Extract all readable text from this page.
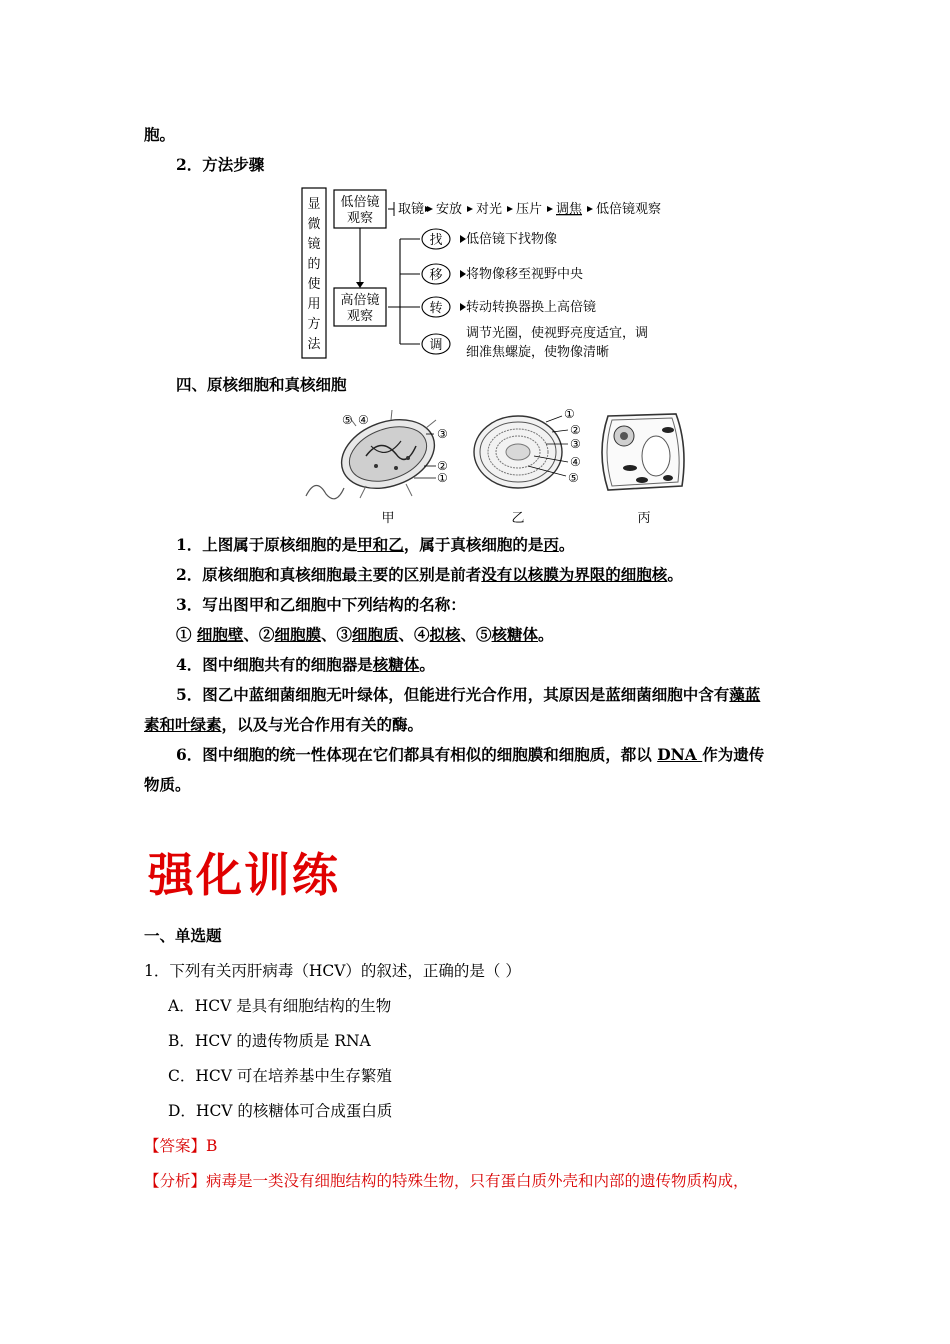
胞。
2．方法步骤
显
微
镜
的
使
用
方
法
低倍镜
观察
高倍镜
观察
取镜 安放 对光 压片 调焦 低倍镜观察
找 低倍镜下找物像
移 将物像移至视野中央
转 转动转换器换上高倍镜
调
调节光圈，使视野亮度适宜，调
细准焦螺旋，使物像清晰
四、原核细胞和真核细胞
⑤ ④
③
②
①
①
②
③
④
⑤
甲	乙	丙
1．上图属于原核细胞的是甲和乙，属于真核细胞的是丙。
2．原核细胞和真核细胞最主要的区别是前者没有以核膜为界限的细胞核。
3．写出图甲和乙细胞中下列结构的名称：
① 细胞壁、②细胞膜、③细胞质、④拟核、⑤核糖体。
4．图中细胞共有的细胞器是核糖体。
5．图乙中蓝细菌细胞无叶绿体，但能进行光合作用，其原因是蓝细菌细胞中含有藻蓝
素和叶绿素，以及与光合作用有关的酶。
6．图中细胞的统一性体现在它们都具有相似的细胞膜和细胞质，都以 DNA 作为遗传
物质。
强化训练
一、单选题
1．下列有关丙肝病毒（HCV）的叙述，正确的是（ ）
A．HCV 是具有细胞结构的生物
B．HCV 的遗传物质是 RNA
C．HCV 可在培养基中生存繁殖
D．HCV 的核糖体可合成蛋白质
【答案】B
【分析】病毒是一类没有细胞结构的特殊生物，只有蛋白质外壳和内部的遗传物质构成，
